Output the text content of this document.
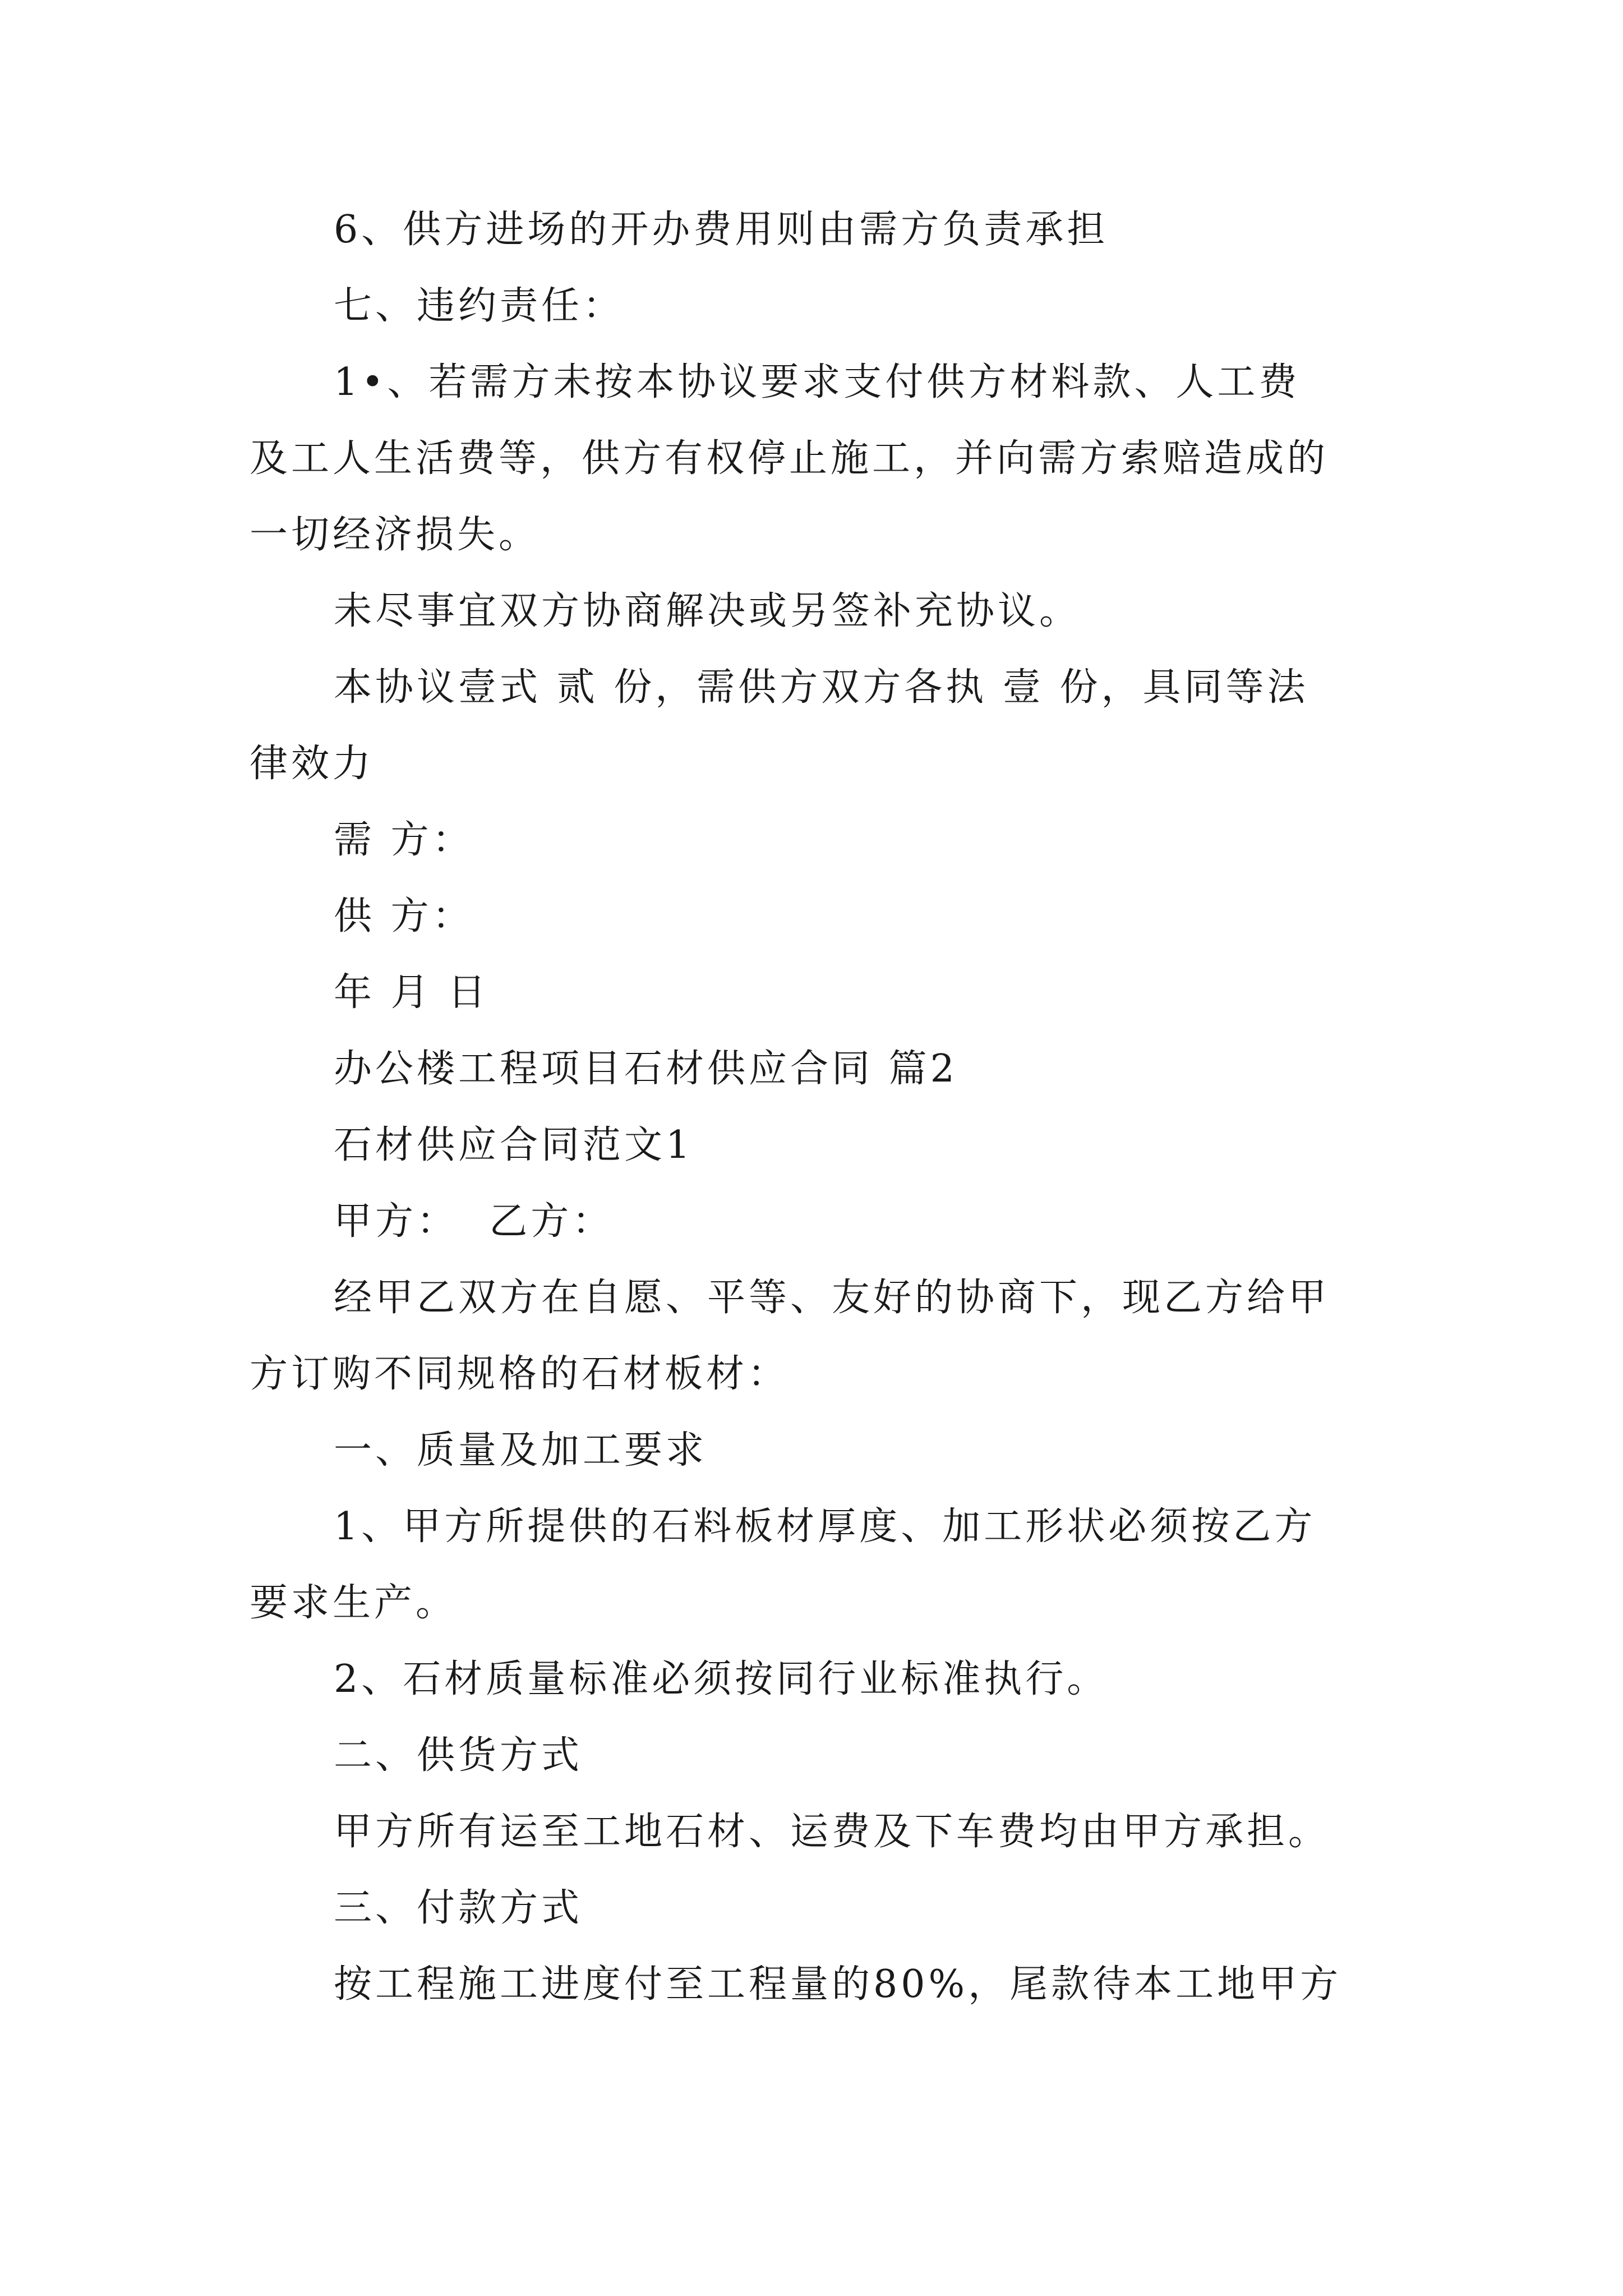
6、供方进场的开办费用则由需方负责承担
七、违约责任：
1•、若需方未按本协议要求支付供方材料款、人工费
及工人生活费等，供方有权停止施工，并向需方索赔造成的
一切经济损失。
未尽事宜双方协商解决或另签补充协议。
本协议壹式 贰 份，需供方双方各执 壹 份，具同等法
律效力
需 方：
供 方：
年 月 日
办公楼工程项目石材供应合同 篇2
石材供应合同范文1
甲方：  乙方：
经甲乙双方在自愿、平等、友好的协商下，现乙方给甲
方订购不同规格的石材板材：
一、质量及加工要求
1、甲方所提供的石料板材厚度、加工形状必须按乙方
要求生产。
2、石材质量标准必须按同行业标准执行。
二、供货方式
甲方所有运至工地石材、运费及下车费均由甲方承担。
三、付款方式
按工程施工进度付至工程量的80%，尾款待本工地甲方
